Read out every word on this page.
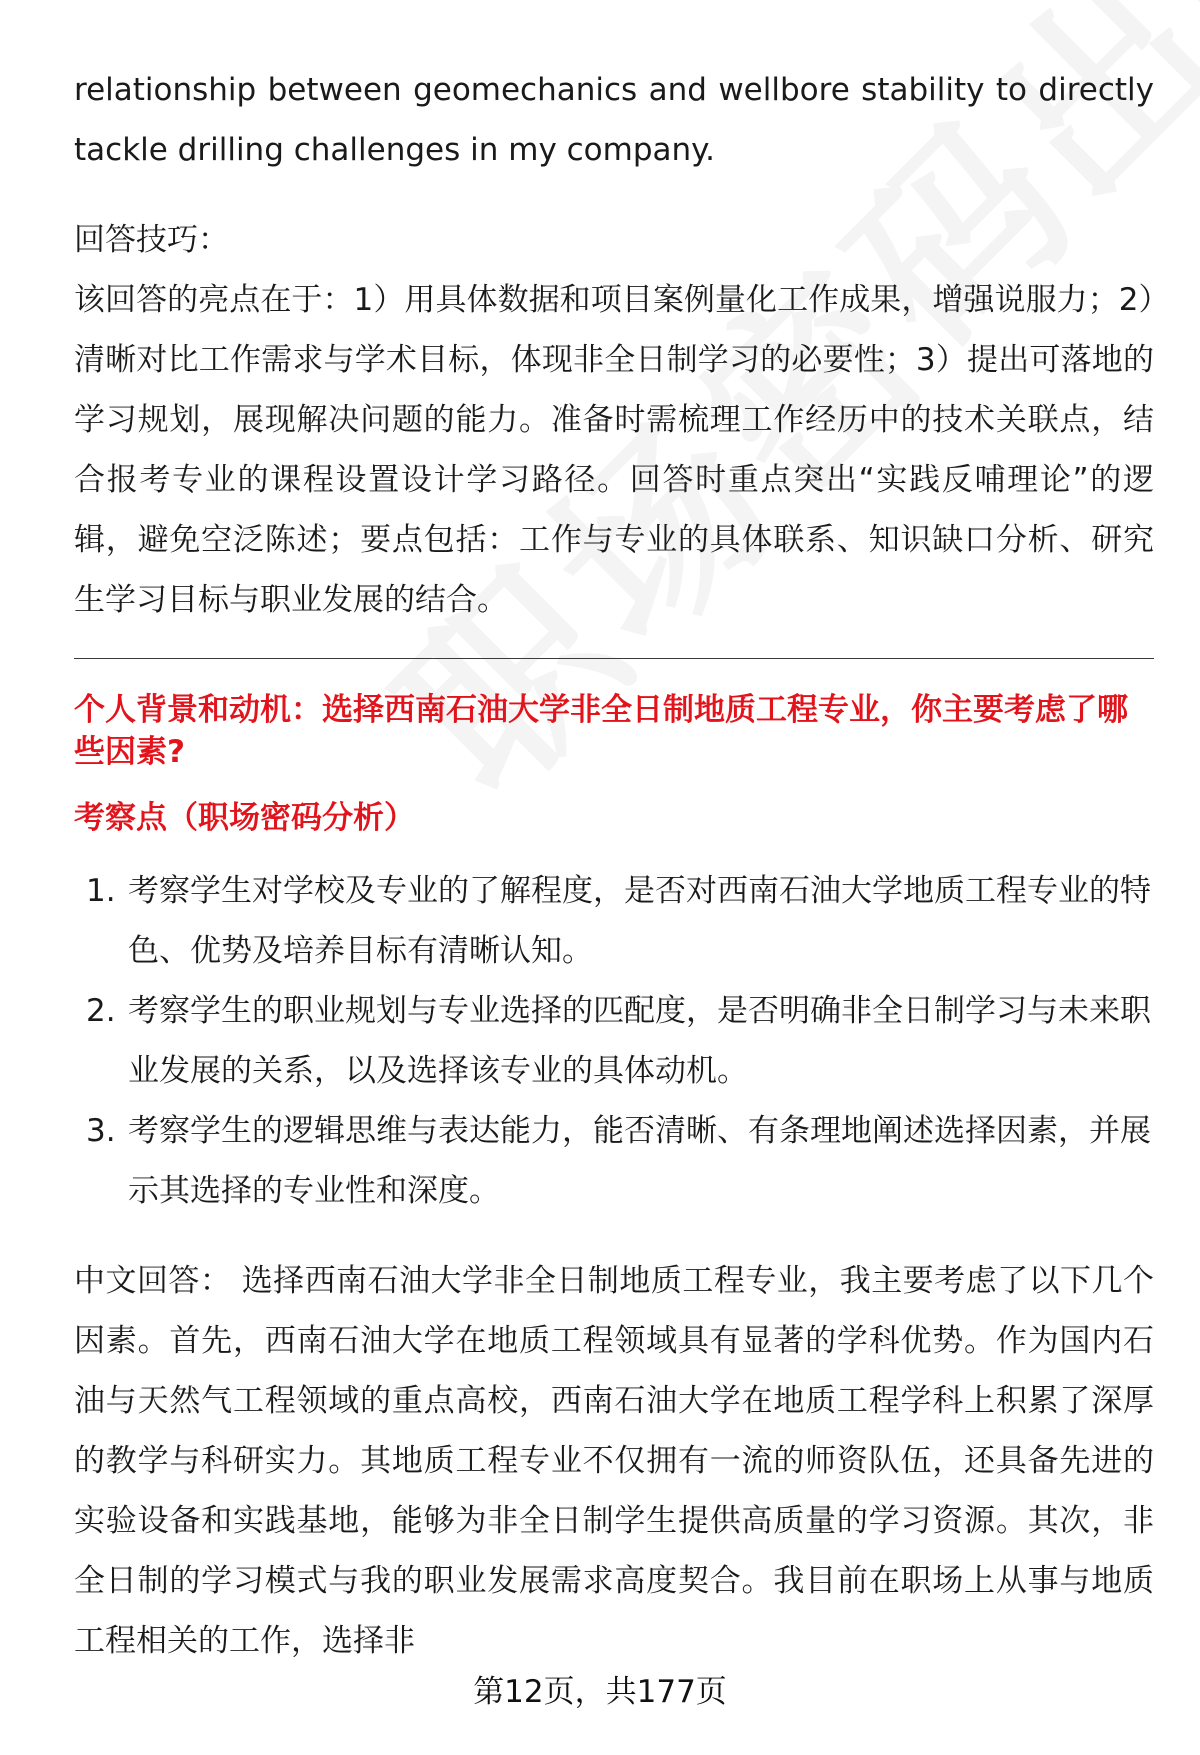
relationship between geomechanics and wellbore stability to directly tackle drilling challenges in my company.

回答技巧：

该回答的亮点在于：1）用具体数据和项目案例量化工作成果，增强说服力；2）清晰对比工作需求与学术目标，体现非全日制学习的必要性；3）提出可落地的学习规划，展现解决问题的能力。准备时需梳理工作经历中的技术关联点，结合报考专业的课程设置设计学习路径。回答时重点突出“实践反哺理论”的逻辑，避免空泛陈述；要点包括：工作与专业的具体联系、知识缺口分析、研究生学习目标与职业发展的结合。

个人背景和动机：选择西南石油大学非全日制地质工程专业，你主要考虑了哪些因素?

考察点（职场密码分析）

1. 考察学生对学校及专业的了解程度，是否对西南石油大学地质工程专业的特色、优势及培养目标有清晰认知。
2. 考察学生的职业规划与专业选择的匹配度，是否明确非全日制学习与未来职业发展的关系，以及选择该专业的具体动机。
3. 考察学生的逻辑思维与表达能力，能否清晰、有条理地阐述选择因素，并展示其选择的专业性和深度。

中文回答： 选择西南石油大学非全日制地质工程专业，我主要考虑了以下几个因素。首先，西南石油大学在地质工程领域具有显著的学科优势。作为国内石油与天然气工程领域的重点高校，西南石油大学在地质工程学科上积累了深厚的教学与科研实力。其地质工程专业不仅拥有一流的师资队伍，还具备先进的实验设备和实践基地，能够为非全日制学生提供高质量的学习资源。其次，非全日制的学习模式与我的职业发展需求高度契合。我目前在职场上从事与地质工程相关的工作，选择非

第12页，共177页
